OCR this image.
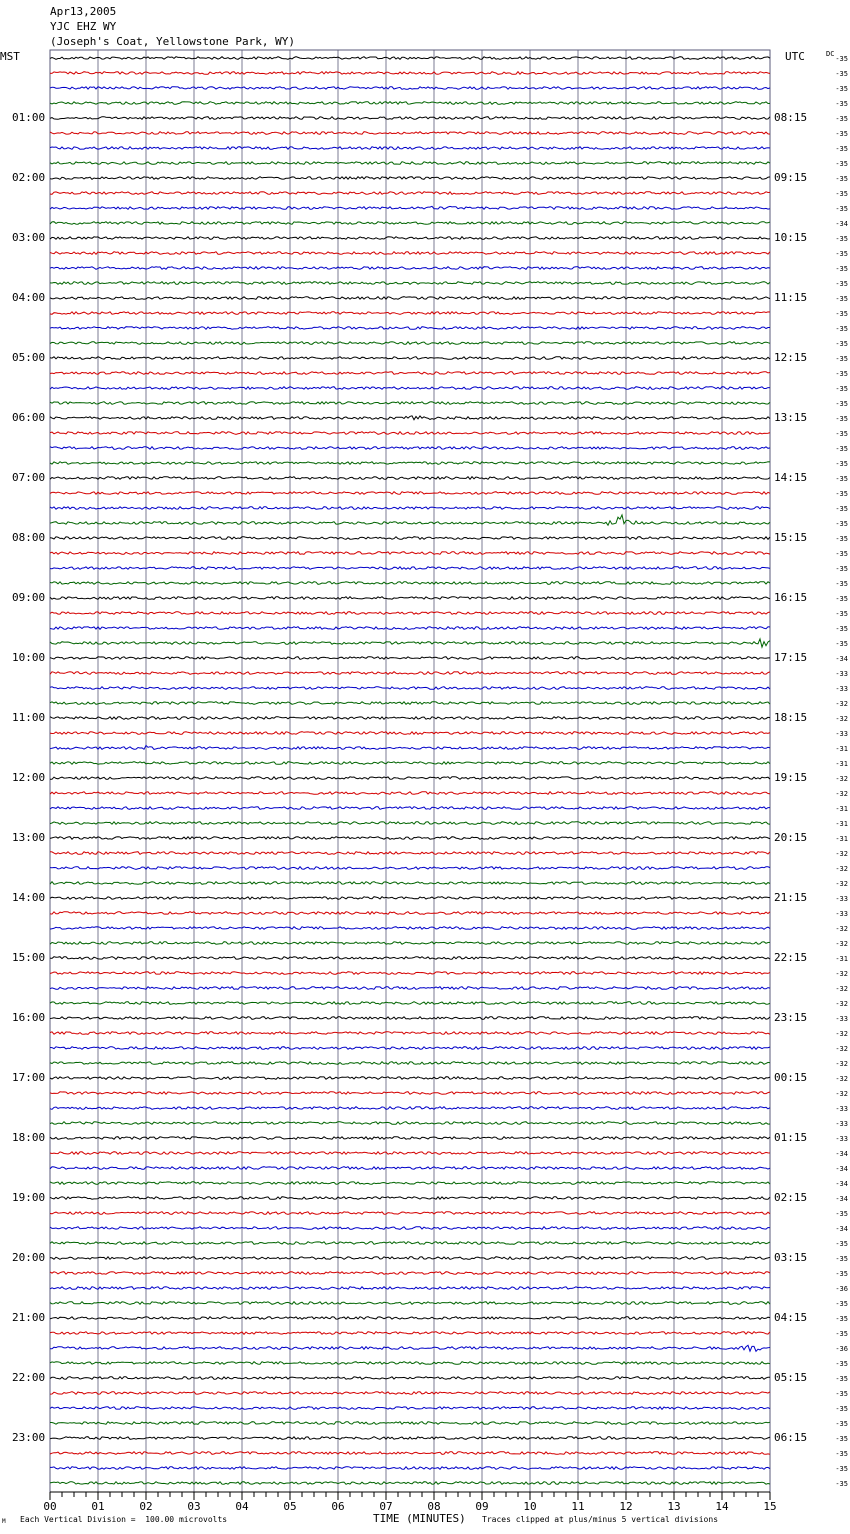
-35
-35
-35
-35
-35
-35
-35
-35
-35
-35
-35
-34
-35
-35
-35
-35
-35
-35
-35
-35
-35
-35
-35
-35
-35
-35
-35
-35
-35
-35
-35
-35
-35
-35
-35
-35
-35
-35
-35
-35
-34
-33
-33
-32
-32
-33
-31
-31
-32
-32
-31
-31
-31
-32
-32
-32
-33
-33
-32
-32
-31
-32
-32
-32
-33
-32
-32
-32
-32
-32
-33
-33
-33
-34
-34
-34
-34
-35
-34
-35
-35
-35
-36
-35
-35
-35
-36
-35
-35
-35
-35
-35
-35
-35
-35
-35
00	01	02	03	04	05	06	07	08	09	10	11	12	13	14	15
Apr13,2005
YJC EHZ WY
(Joseph's Coat, Yellowstone Park, WY)
MST	UTC	DC
01:00	08:15
02:00	09:15
03:00	10:15
04:00	11:15
05:00	12:15
06:00	13:15
07:00	14:15
08:00	15:15
09:00	16:15
10:00	17:15
11:00	18:15
12:00	19:15
13:00	20:15
14:00	21:15
15:00	22:15
16:00	23:15
17:00	00:15
18:00	01:15
19:00	02:15
20:00	03:15
21:00	04:15
22:00	05:15
23:00	06:15
M Each Vertical Division =  100.00 microvolts	TIME (MINUTES) Traces clipped at plus/minus 5 vertical divisions
